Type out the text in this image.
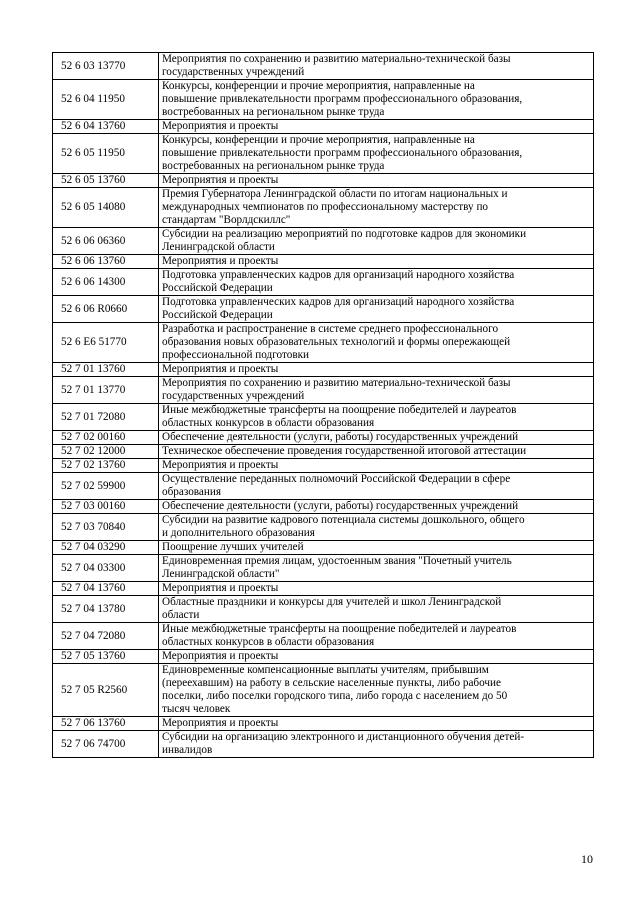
52 6 03 13770	Мероприятия по сохранению и развитию материально-технической базы
государственных учреждений

52 6 04 11950	Конкурсы, конференции и прочие мероприятия, направленные на
повышение привлекательности программ профессионального образования,
востребованных на региональном рынке труда

52 6 04 13760	Мероприятия и проекты

52 6 05 11950	Конкурсы, конференции и прочие мероприятия, направленные на
повышение привлекательности программ профессионального образования,
востребованных на региональном рынке труда

52 6 05 13760	Мероприятия и проекты

52 6 05 14080	Премия Губернатора Ленинградской области по итогам национальных и
международных чемпионатов по профессиональному мастерству по
стандартам "Ворлдскиллс"

52 6 06 06360	Субсидии на реализацию мероприятий по подготовке кадров для экономики
Ленинградской области

52 6 06 13760	Мероприятия и проекты

52 6 06 14300	Подготовка управленческих кадров для организаций народного хозяйства
Российской Федерации

52 6 06 R0660	Подготовка управленческих кадров для организаций народного хозяйства
Российской Федерации

52 6 E6 51770	Разработка и распространение в системе среднего профессионального
образования новых образовательных технологий и формы опережающей
профессиональной подготовки

52 7 01 13760	Мероприятия и проекты

52 7 01 13770	Мероприятия по сохранению и развитию материально-технической базы
государственных учреждений

52 7 01 72080	Иные межбюджетные трансферты на поощрение победителей и лауреатов
областных конкурсов в области образования

52 7 02 00160	Обеспечение деятельности (услуги, работы) государственных учреждений

52 7 02 12000	Техническое обеспечение проведения государственной итоговой аттестации

52 7 02 13760	Мероприятия и проекты

52 7 02 59900	Осуществление переданных полномочий Российской Федерации в сфере
образования

52 7 03 00160	Обеспечение деятельности (услуги, работы) государственных учреждений

52 7 03 70840	Субсидии на развитие кадрового потенциала системы дошкольного, общего
и дополнительного образования

52 7 04 03290	Поощрение лучших учителей

52 7 04 03300	Единовременная премия лицам, удостоенным звания "Почетный учитель
Ленинградской области"

52 7 04 13760	Мероприятия и проекты

52 7 04 13780	Областные праздники и конкурсы для учителей и школ Ленинградской
области

52 7 04 72080	Иные межбюджетные трансферты на поощрение победителей и лауреатов
областных конкурсов в области образования

52 7 05 13760	Мероприятия и проекты

52 7 05 R2560	Единовременные компенсационные выплаты учителям, прибывшим
(переехавшим) на работу в сельские населенные пункты, либо рабочие
поселки, либо поселки городского типа, либо города с населением до 50
тысяч человек

52 7 06 13760	Мероприятия и проекты

52 7 06 74700	Субсидии на организацию электронного и дистанционного обучения детей-
инвалидов
10
